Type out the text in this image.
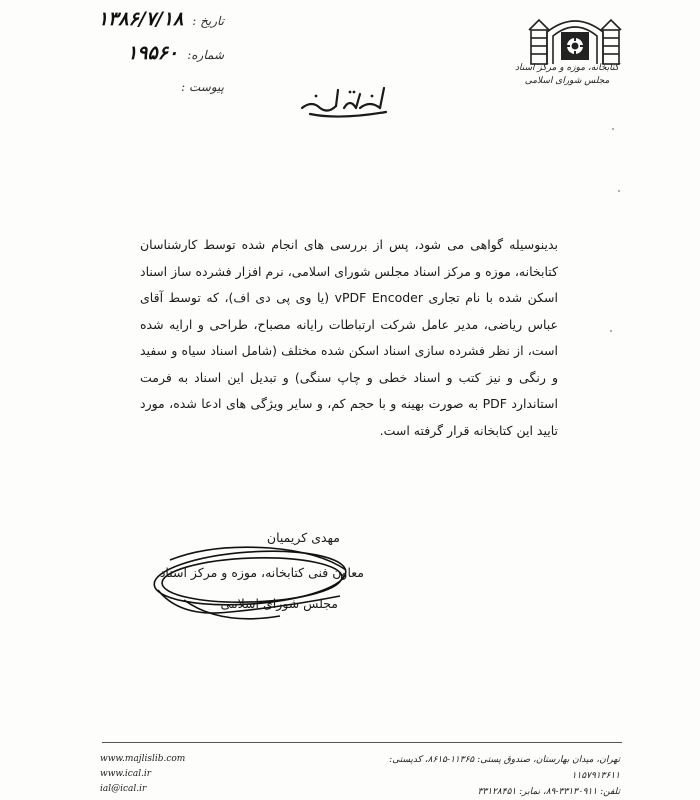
تاریخ : ۱۳۸۶/۷/۱۸
شماره: ۱۹۵۶۰
پیوست :
کتابخانه، موزه و مرکز اسناد
مجلس شورای اسلامی

بدینوسیله گواهی می شود، پس از بررسی های انجام شده توسط کارشناسان کتابخانه، موزه و مرکز اسناد مجلس شورای اسلامی، نرم افزار فشرده ساز اسناد اسکن شده با نام تجاری vPDF Encoder (یا وی پی دی اف)، که توسط آقای عباس ریاضی، مدیر عامل شرکت ارتباطات رایانه مصباح، طراحی و ارایه شده است، از نظر فشرده سازی اسناد اسکن شده مختلف (شامل اسناد سیاه و سفید و رنگی و نیز کتب و اسناد خطی و چاپ سنگی) و تبدیل این اسناد به فرمت استاندارد PDF به صورت بهینه و با حجم کم، و سایر ویژگی های ادعا شده، مورد تایید این کتابخانه قرار گرفته است.

مهدی کریمیان
معاون فنی کتابخانه، موزه و مرکز اسناد
مجلس شورای اسلامی
www.majlislib.com
www.ical.ir
ial@ical.ir
تهران، میدان بهارستان، صندوق پستی: ۱۱۳۶۵-۸۶۱۵، کدپستی: ۱۱۵۷۹۱۳۶۱۱
تلفن: ۳۳۱۳۰۹۱۱-۸۹، نمابر: ۳۳۱۲۸۴۵۱
